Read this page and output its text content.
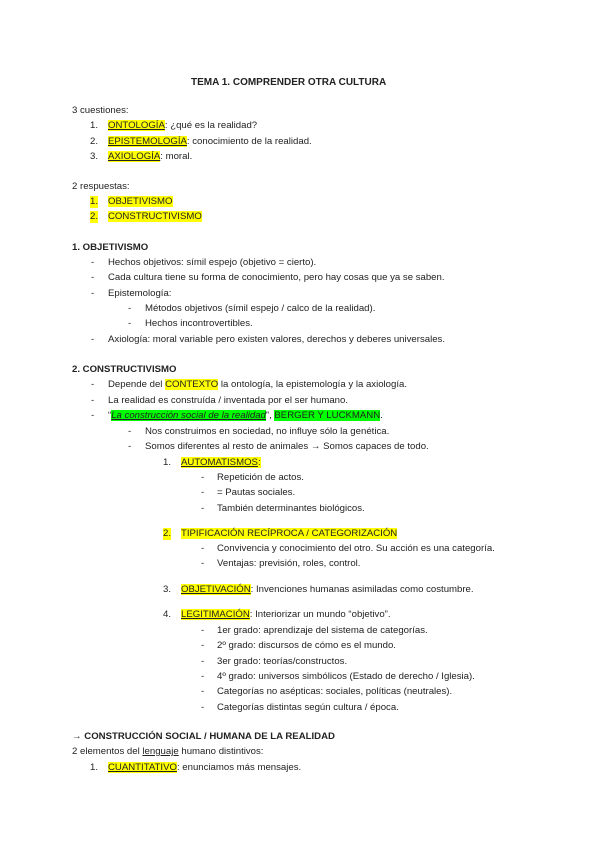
TEMA 1. COMPRENDER OTRA CULTURA
3 cuestiones:
1. ONTOLOGÍA: ¿qué es la realidad?
2. EPISTEMOLOGÍA: conocimiento de la realidad.
3. AXIOLOGÍA: moral.
2 respuestas:
1. OBJETIVISMO
2. CONSTRUCTIVISMO
1. OBJETIVISMO
- Hechos objetivos: símil espejo (objetivo = cierto).
- Cada cultura tiene su forma de conocimiento, pero hay cosas que ya se saben.
- Epistemología:
- Métodos objetivos (símil espejo / calco de la realidad).
- Hechos incontrovertibles.
- Axiología: moral variable pero existen valores, derechos y deberes universales.
2. CONSTRUCTIVISMO
- Depende del CONTEXTO la ontología, la epistemología y la axiología.
- La realidad es construída / inventada por el ser humano.
- “La construcción social de la realidad”, BERGER Y LUCKMANN.
- Nos construimos en sociedad, no influye sólo la genética.
- Somos diferentes al resto de animales → Somos capaces de todo.
1. AUTOMATISMOS:
- Repetición de actos.
- = Pautas sociales.
- También determinantes biológicos.
2. TIPIFICACIÓN RECÍPROCA / CATEGORIZACIÓN
- Convivencia y conocimiento del otro. Su acción es una categoría.
- Ventajas: previsión, roles, control.
3. OBJETIVACIÓN: Invenciones humanas asimiladas como costumbre.
4. LEGITIMACIÓN: Interiorizar un mundo “objetivo”.
- 1er grado: aprendizaje del sistema de categorías.
- 2º grado: discursos de cómo es el mundo.
- 3er grado: teorías/constructos.
- 4º grado: universos simbólicos (Estado de derecho / Iglesia).
- Categorías no asépticas: sociales, políticas (neutrales).
- Categorías distintas según cultura / época.
→ CONSTRUCCIÓN SOCIAL / HUMANA DE LA REALIDAD
2 elementos del lenguaje humano distintivos:
1. CUANTITATIVO: enunciamos más mensajes.
